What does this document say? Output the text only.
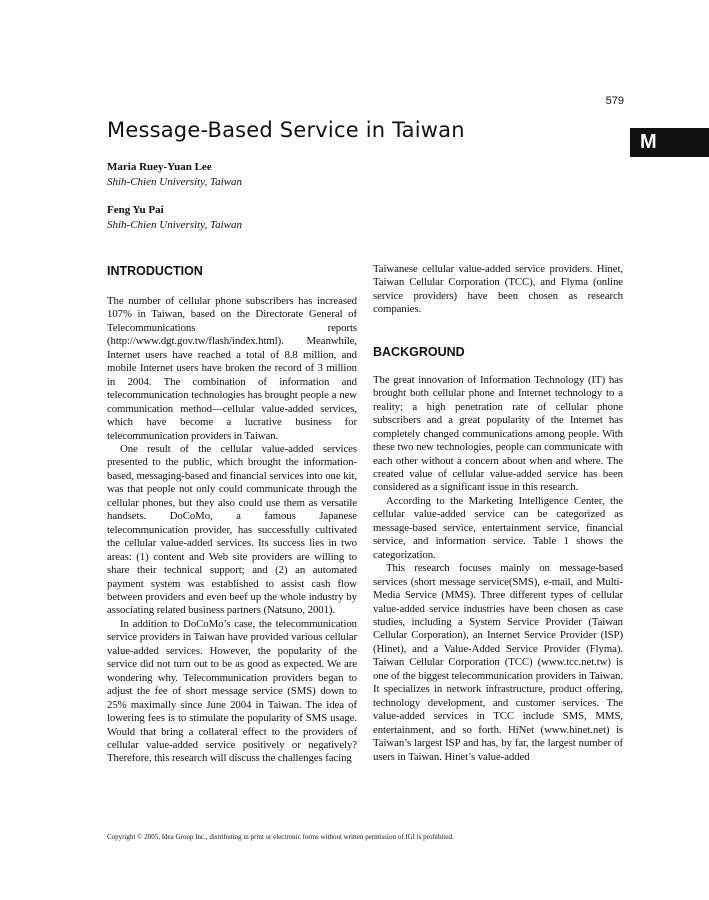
579
M
Message-Based Service in Taiwan
Maria Ruey-Yuan Lee
Shih-Chien University, Taiwan
Feng Yu Pai
Shih-Chien University, Taiwan
INTRODUCTION

The number of cellular phone subscribers has increased 107% in Taiwan, based on the Directorate General of Telecommunications reports (http://www.dgt.gov.tw/flash/index.html). Meanwhile, Internet users have reached a total of 8.8 million, and mobile Internet users have broken the record of 3 million in 2004. The combination of information and telecommunication technologies has brought people a new communication method—cellular value-added services, which have become a lucrative business for telecommunication providers in Taiwan.

One result of the cellular value-added services presented to the public, which brought the information-based, messaging-based and financial services into one kit, was that people not only could communicate through the cellular phones, but they also could use them as versatile handsets. DoCoMo, a famous Japanese telecommunication provider, has successfully cultivated the cellular value-added services. Its success lies in two areas: (1) content and Web site providers are willing to share their technical support; and (2) an automated payment system was established to assist cash flow between providers and even beef up the whole industry by associating related business partners (Natsuno, 2001).

In addition to DoCoMo’s case, the telecommunication service providers in Taiwan have provided various cellular value-added services. However, the popularity of the service did not turn out to be as good as expected. We are wondering why. Telecommunication providers began to adjust the fee of short message service (SMS) down to 25% maximally since June 2004 in Taiwan. The idea of lowering fees is to stimulate the popularity of SMS usage. Would that bring a collateral effect to the providers of cellular value-added service positively or negatively? Therefore, this research will discuss the challenges facing

Taiwanese cellular value-added service providers. Hinet, Taiwan Cellular Corporation (TCC), and Flyma (online service providers) have been chosen as research companies.

BACKGROUND

The great innovation of Information Technology (IT) has brought both cellular phone and Internet technology to a reality; a high penetration rate of cellular phone subscribers and a great popularity of the Internet has completely changed communications among people. With these two new technologies, people can communicate with each other without a concern about when and where. The created value of cellular value-added service has been considered as a significant issue in this research.

According to the Marketing Intelligence Center, the cellular value-added service can be categorized as message-based service, entertainment service, financial service, and information service. Table 1 shows the categorization.

This research focuses mainly on message-based services (short message service(SMS), e-mail, and Multi-Media Service (MMS). Three different types of cellular value-added service industries have been chosen as case studies, including a System Service Provider (Taiwan Cellular Corporation), an Internet Service Provider (ISP) (Hinet), and a Value-Added Service Provider (Flyma). Taiwan Cellular Corporation (TCC) (www.tcc.net.tw) is one of the biggest telecommunication providers in Taiwan. It specializes in network infrastructure, product offering, technology development, and customer services. The value-added services in TCC include SMS, MMS, entertainment, and so forth. HiNet (www.hinet.net) is Taiwan’s largest ISP and has, by far, the largest number of users in Taiwan. Hinet’s value-added

Copyright © 2005, Idea Group Inc., distributing in print or electronic forms without written permission of IGI is prohibited.
